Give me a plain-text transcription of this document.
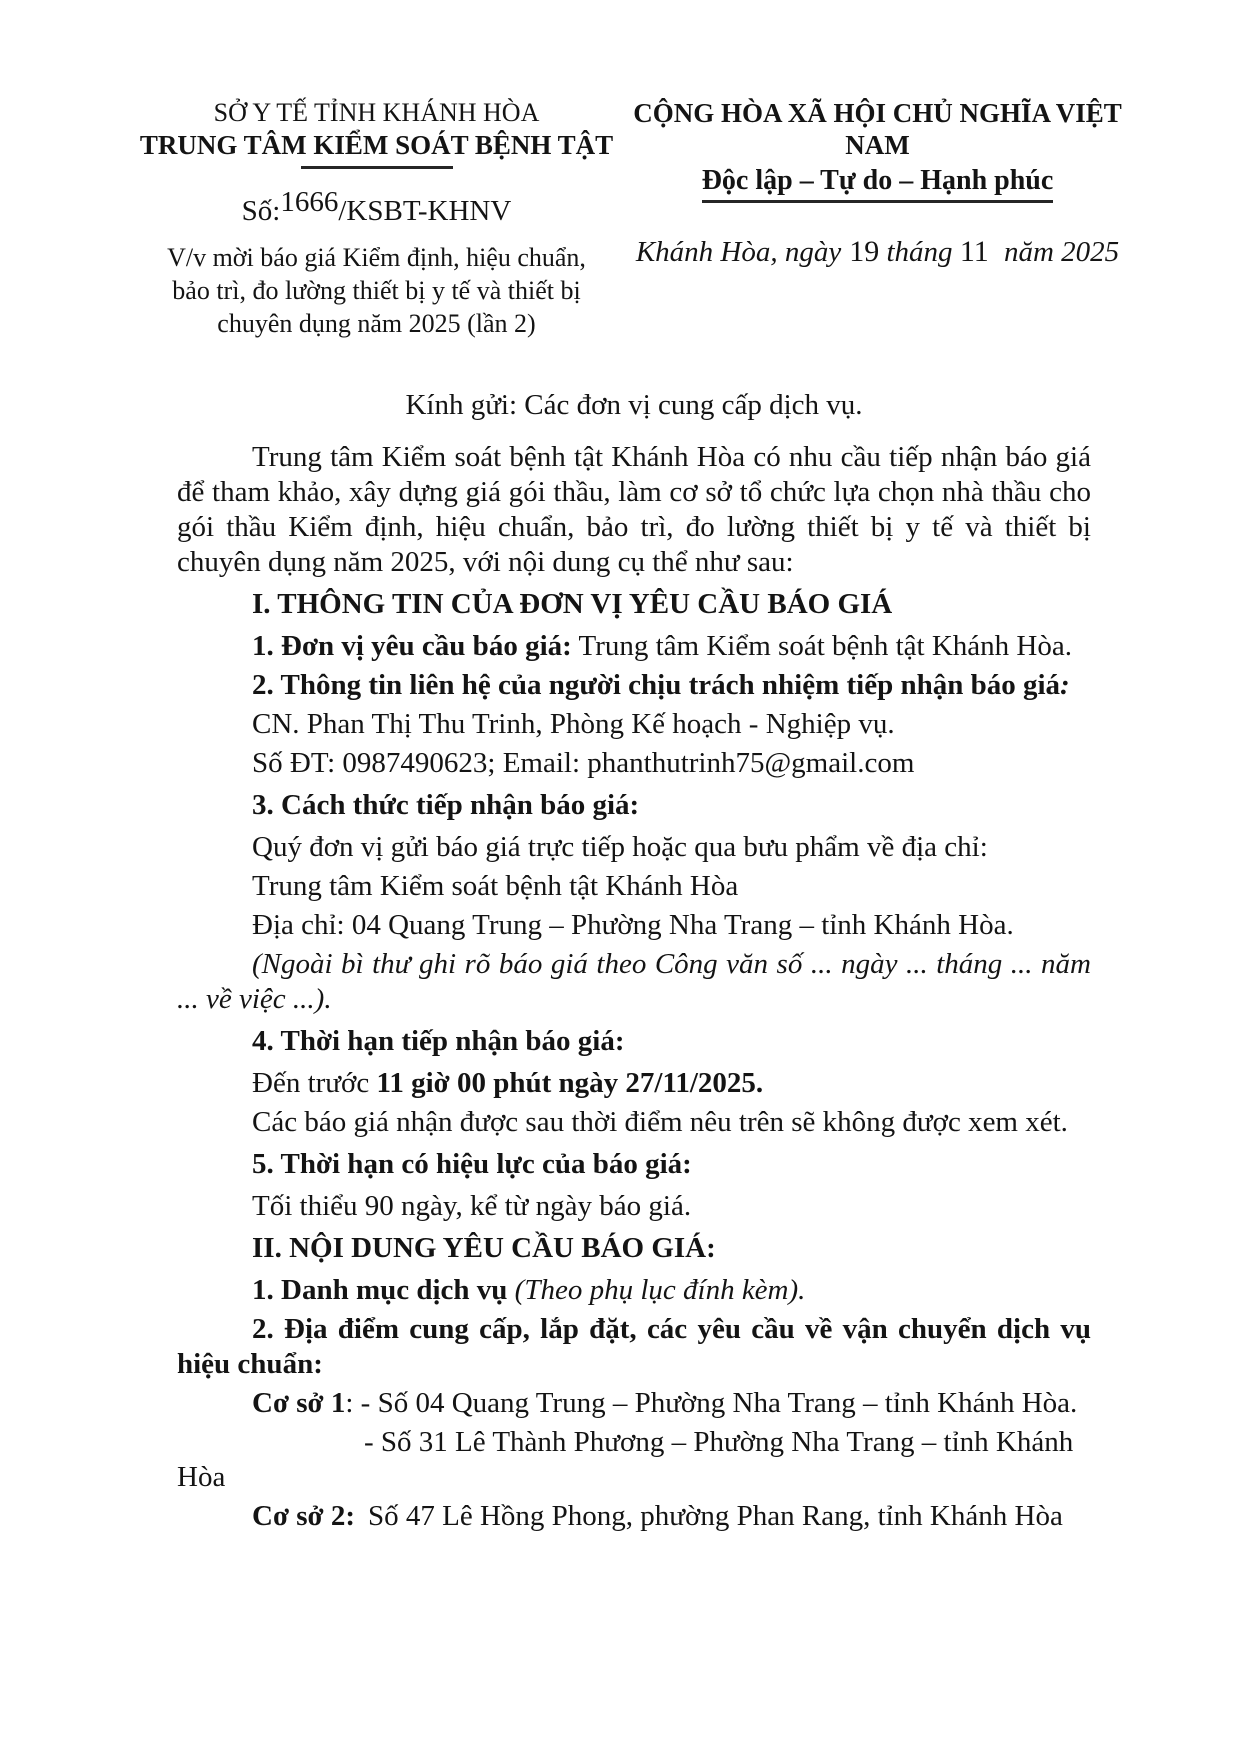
SỞ Y TẾ TỈNH KHÁNH HÒA
TRUNG TÂM KIỂM SOÁT BỆNH TẬT
Số:1666/KSBT-KHNV
V/v mời báo giá Kiểm định, hiệu chuẩn,
bảo trì, đo lường thiết bị y tế và thiết bị
chuyên dụng năm 2025 (lần 2)
CỘNG HÒA XÃ HỘI CHỦ NGHĨA VIỆT NAM
Độc lập – Tự do – Hạnh phúc
Khánh Hòa, ngày 19 tháng 11 năm 2025

Kính gửi: Các đơn vị cung cấp dịch vụ.

Trung tâm Kiểm soát bệnh tật Khánh Hòa có nhu cầu tiếp nhận báo giá để tham khảo, xây dựng giá gói thầu, làm cơ sở tổ chức lựa chọn nhà thầu cho gói thầu Kiểm định, hiệu chuẩn, bảo trì, đo lường thiết bị y tế và thiết bị chuyên dụng năm 2025, với nội dung cụ thể như sau:

I. THÔNG TIN CỦA ĐƠN VỊ YÊU CẦU BÁO GIÁ

1. Đơn vị yêu cầu báo giá: Trung tâm Kiểm soát bệnh tật Khánh Hòa.

2. Thông tin liên hệ của người chịu trách nhiệm tiếp nhận báo giá:

CN. Phan Thị Thu Trinh, Phòng Kế hoạch - Nghiệp vụ.

Số ĐT: 0987490623; Email: phanthutrinh75@gmail.com

3. Cách thức tiếp nhận báo giá:

Quý đơn vị gửi báo giá trực tiếp hoặc qua bưu phẩm về địa chỉ:

Trung tâm Kiểm soát bệnh tật Khánh Hòa

Địa chỉ: 04 Quang Trung – Phường Nha Trang – tỉnh Khánh Hòa.

(Ngoài bì thư ghi rõ báo giá theo Công văn số ... ngày ... tháng ... năm ... về việc ...).

4. Thời hạn tiếp nhận báo giá:

Đến trước 11 giờ 00 phút ngày 27/11/2025.

Các báo giá nhận được sau thời điểm nêu trên sẽ không được xem xét.

5. Thời hạn có hiệu lực của báo giá:

Tối thiểu 90 ngày, kể từ ngày báo giá.

II. NỘI DUNG YÊU CẦU BÁO GIÁ:

1. Danh mục dịch vụ (Theo phụ lục đính kèm).

2. Địa điểm cung cấp, lắp đặt, các yêu cầu về vận chuyển dịch vụ hiệu chuẩn:

Cơ sở 1: - Số 04 Quang Trung – Phường Nha Trang – tỉnh Khánh Hòa.

- Số 31 Lê Thành Phương – Phường Nha Trang – tỉnh Khánh Hòa

Cơ sở 2: Số 47 Lê Hồng Phong, phường Phan Rang, tỉnh Khánh Hòa
